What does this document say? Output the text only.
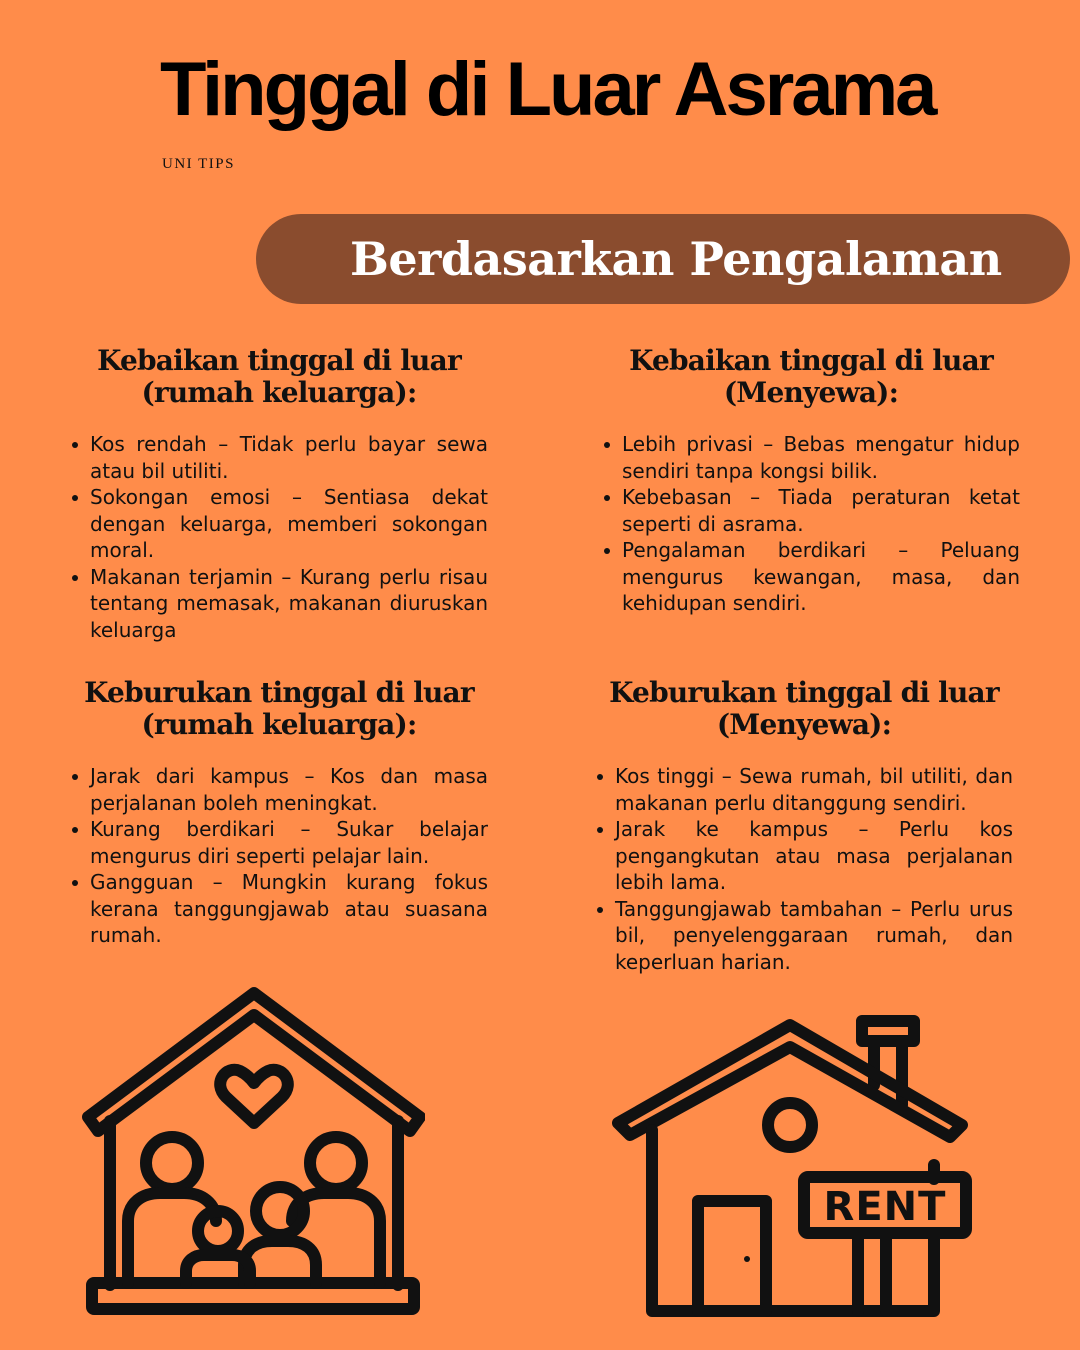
Tinggal di Luar Asrama
UNI TIPS
Berdasarkan Pengalaman
Kebaikan tinggal di luar
(rumah keluarga):
Kos rendah – Tidak perlu bayar sewa atau bil utiliti.
Sokongan emosi – Sentiasa dekat dengan keluarga, memberi sokongan moral.
Makanan terjamin – Kurang perlu risau tentang memasak, makanan diuruskan keluarga
Kebaikan tinggal di luar
(Menyewa):
Lebih privasi – Bebas mengatur hidup sendiri tanpa kongsi bilik.
Kebebasan – Tiada peraturan ketat seperti di asrama.
Pengalaman berdikari – Peluang mengurus kewangan, masa, dan kehidupan sendiri.
Keburukan tinggal di luar
(rumah keluarga):
Jarak dari kampus – Kos dan masa perjalanan boleh meningkat.
Kurang berdikari – Sukar belajar mengurus diri seperti pelajar lain.
Gangguan – Mungkin kurang fokus kerana tanggungjawab atau suasana rumah.
Keburukan tinggal di luar
(Menyewa):
Kos tinggi – Sewa rumah, bil utiliti, dan makanan perlu ditanggung sendiri.
Jarak ke kampus – Perlu kos pengangkutan atau masa perjalanan lebih lama.
Tanggungjawab tambahan – Perlu urus bil, penyelenggaraan rumah, dan keperluan harian.
RENT
